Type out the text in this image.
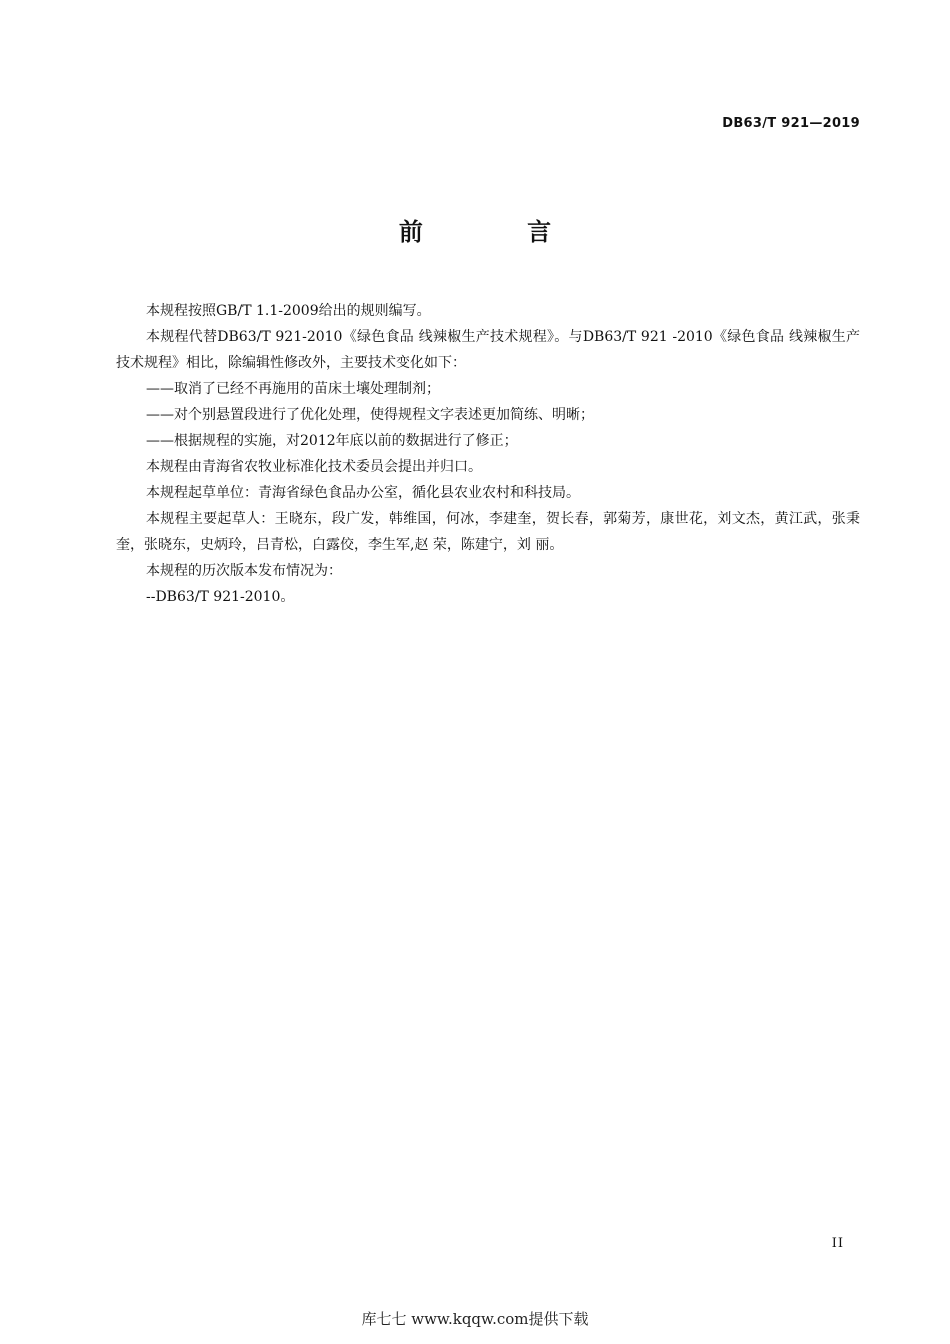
DB63/T 921—2019
前 言

本规程按照GB/T 1.1-2009给出的规则编写。

本规程代替DB63/T 921-2010《绿色食品 线辣椒生产技术规程》。与DB63/T 921 -2010《绿色食品 线辣椒生产技术规程》相比，除编辑性修改外，主要技术变化如下：

——取消了已经不再施用的苗床土壤处理制剂；

——对个别悬置段进行了优化处理，使得规程文字表述更加简练、明晰；

——根据规程的实施，对2012年底以前的数据进行了修正；

本规程由青海省农牧业标准化技术委员会提出并归口。

本规程起草单位：青海省绿色食品办公室，循化县农业农村和科技局。

本规程主要起草人：王晓东，段广发，韩维国，何冰，李建奎，贺长春，郭菊芳，康世花，刘文杰，黄江武，张秉奎，张晓东，史炳玲，吕青松，白露佼，李生军,赵 荣，陈建宁，刘 丽。

本规程的历次版本发布情况为：

--DB63/T 921-2010。

II
库七七 www.kqqw.com提供下载
